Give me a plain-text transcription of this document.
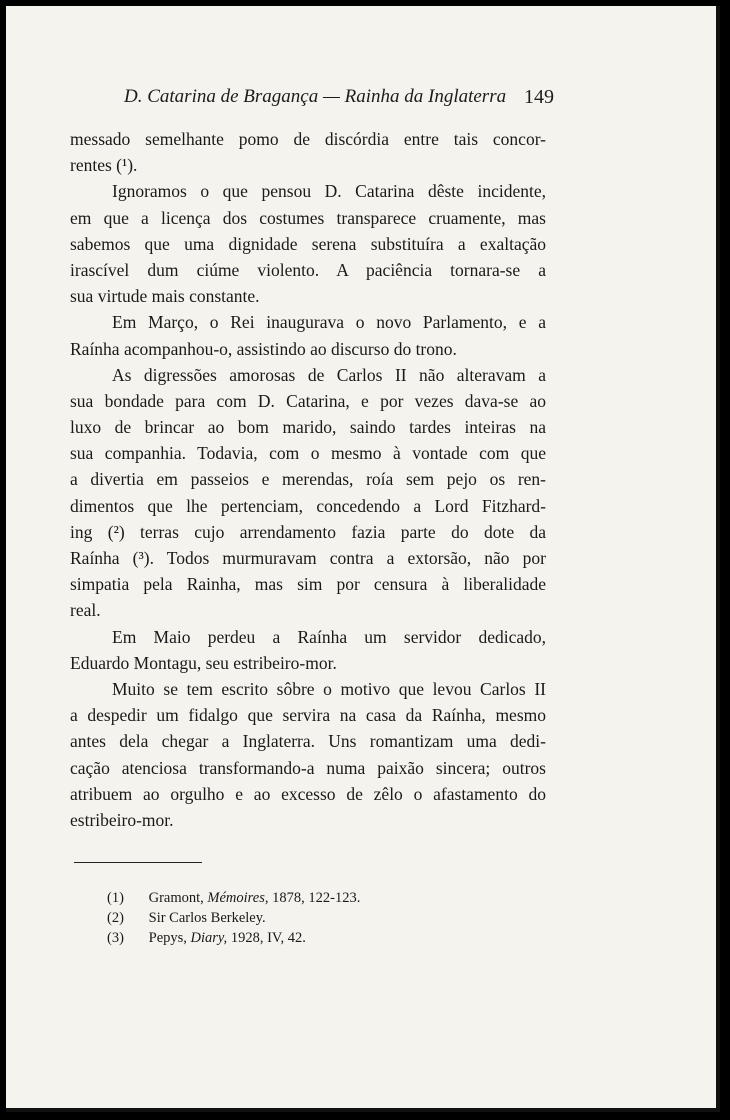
D. Catarina de Bragança — Rainha da Inglaterra 149
messado semelhante pomo de discórdia entre tais concor-
rentes (¹).
Ignoramos o que pensou D. Catarina dêste incidente,
em que a licença dos costumes transparece cruamente, mas
sabemos que uma dignidade serena substituíra a exaltação
irascível dum ciúme violento. A paciência tornara-se a
sua virtude mais constante.
Em Março, o Rei inaugurava o novo Parlamento, e a
Raínha acompanhou-o, assistindo ao discurso do trono.
As digressões amorosas de Carlos II não alteravam a
sua bondade para com D. Catarina, e por vezes dava-se ao
luxo de brincar ao bom marido, saindo tardes inteiras na
sua companhia. Todavia, com o mesmo à vontade com que
a divertia em passeios e merendas, roía sem pejo os ren-
dimentos que lhe pertenciam, concedendo a Lord Fitzhard-
ing (²) terras cujo arrendamento fazia parte do dote da
Raínha (³). Todos murmuravam contra a extorsão, não por
simpatia pela Rainha, mas sim por censura à liberalidade
real.
Em Maio perdeu a Raínha um servidor dedicado,
Eduardo Montagu, seu estribeiro-mor.
Muito se tem escrito sôbre o motivo que levou Carlos II
a despedir um fidalgo que servira na casa da Raínha, mesmo
antes dela chegar a Inglaterra. Uns romantizam uma dedi-
cação atenciosa transformando-a numa paixão sincera; outros
atribuem ao orgulho e ao excesso de zêlo o afastamento do
estribeiro-mor.
(1) Gramont, Mémoires, 1878, 122-123.
(2) Sir Carlos Berkeley.
(3) Pepys, Diary, 1928, IV, 42.
